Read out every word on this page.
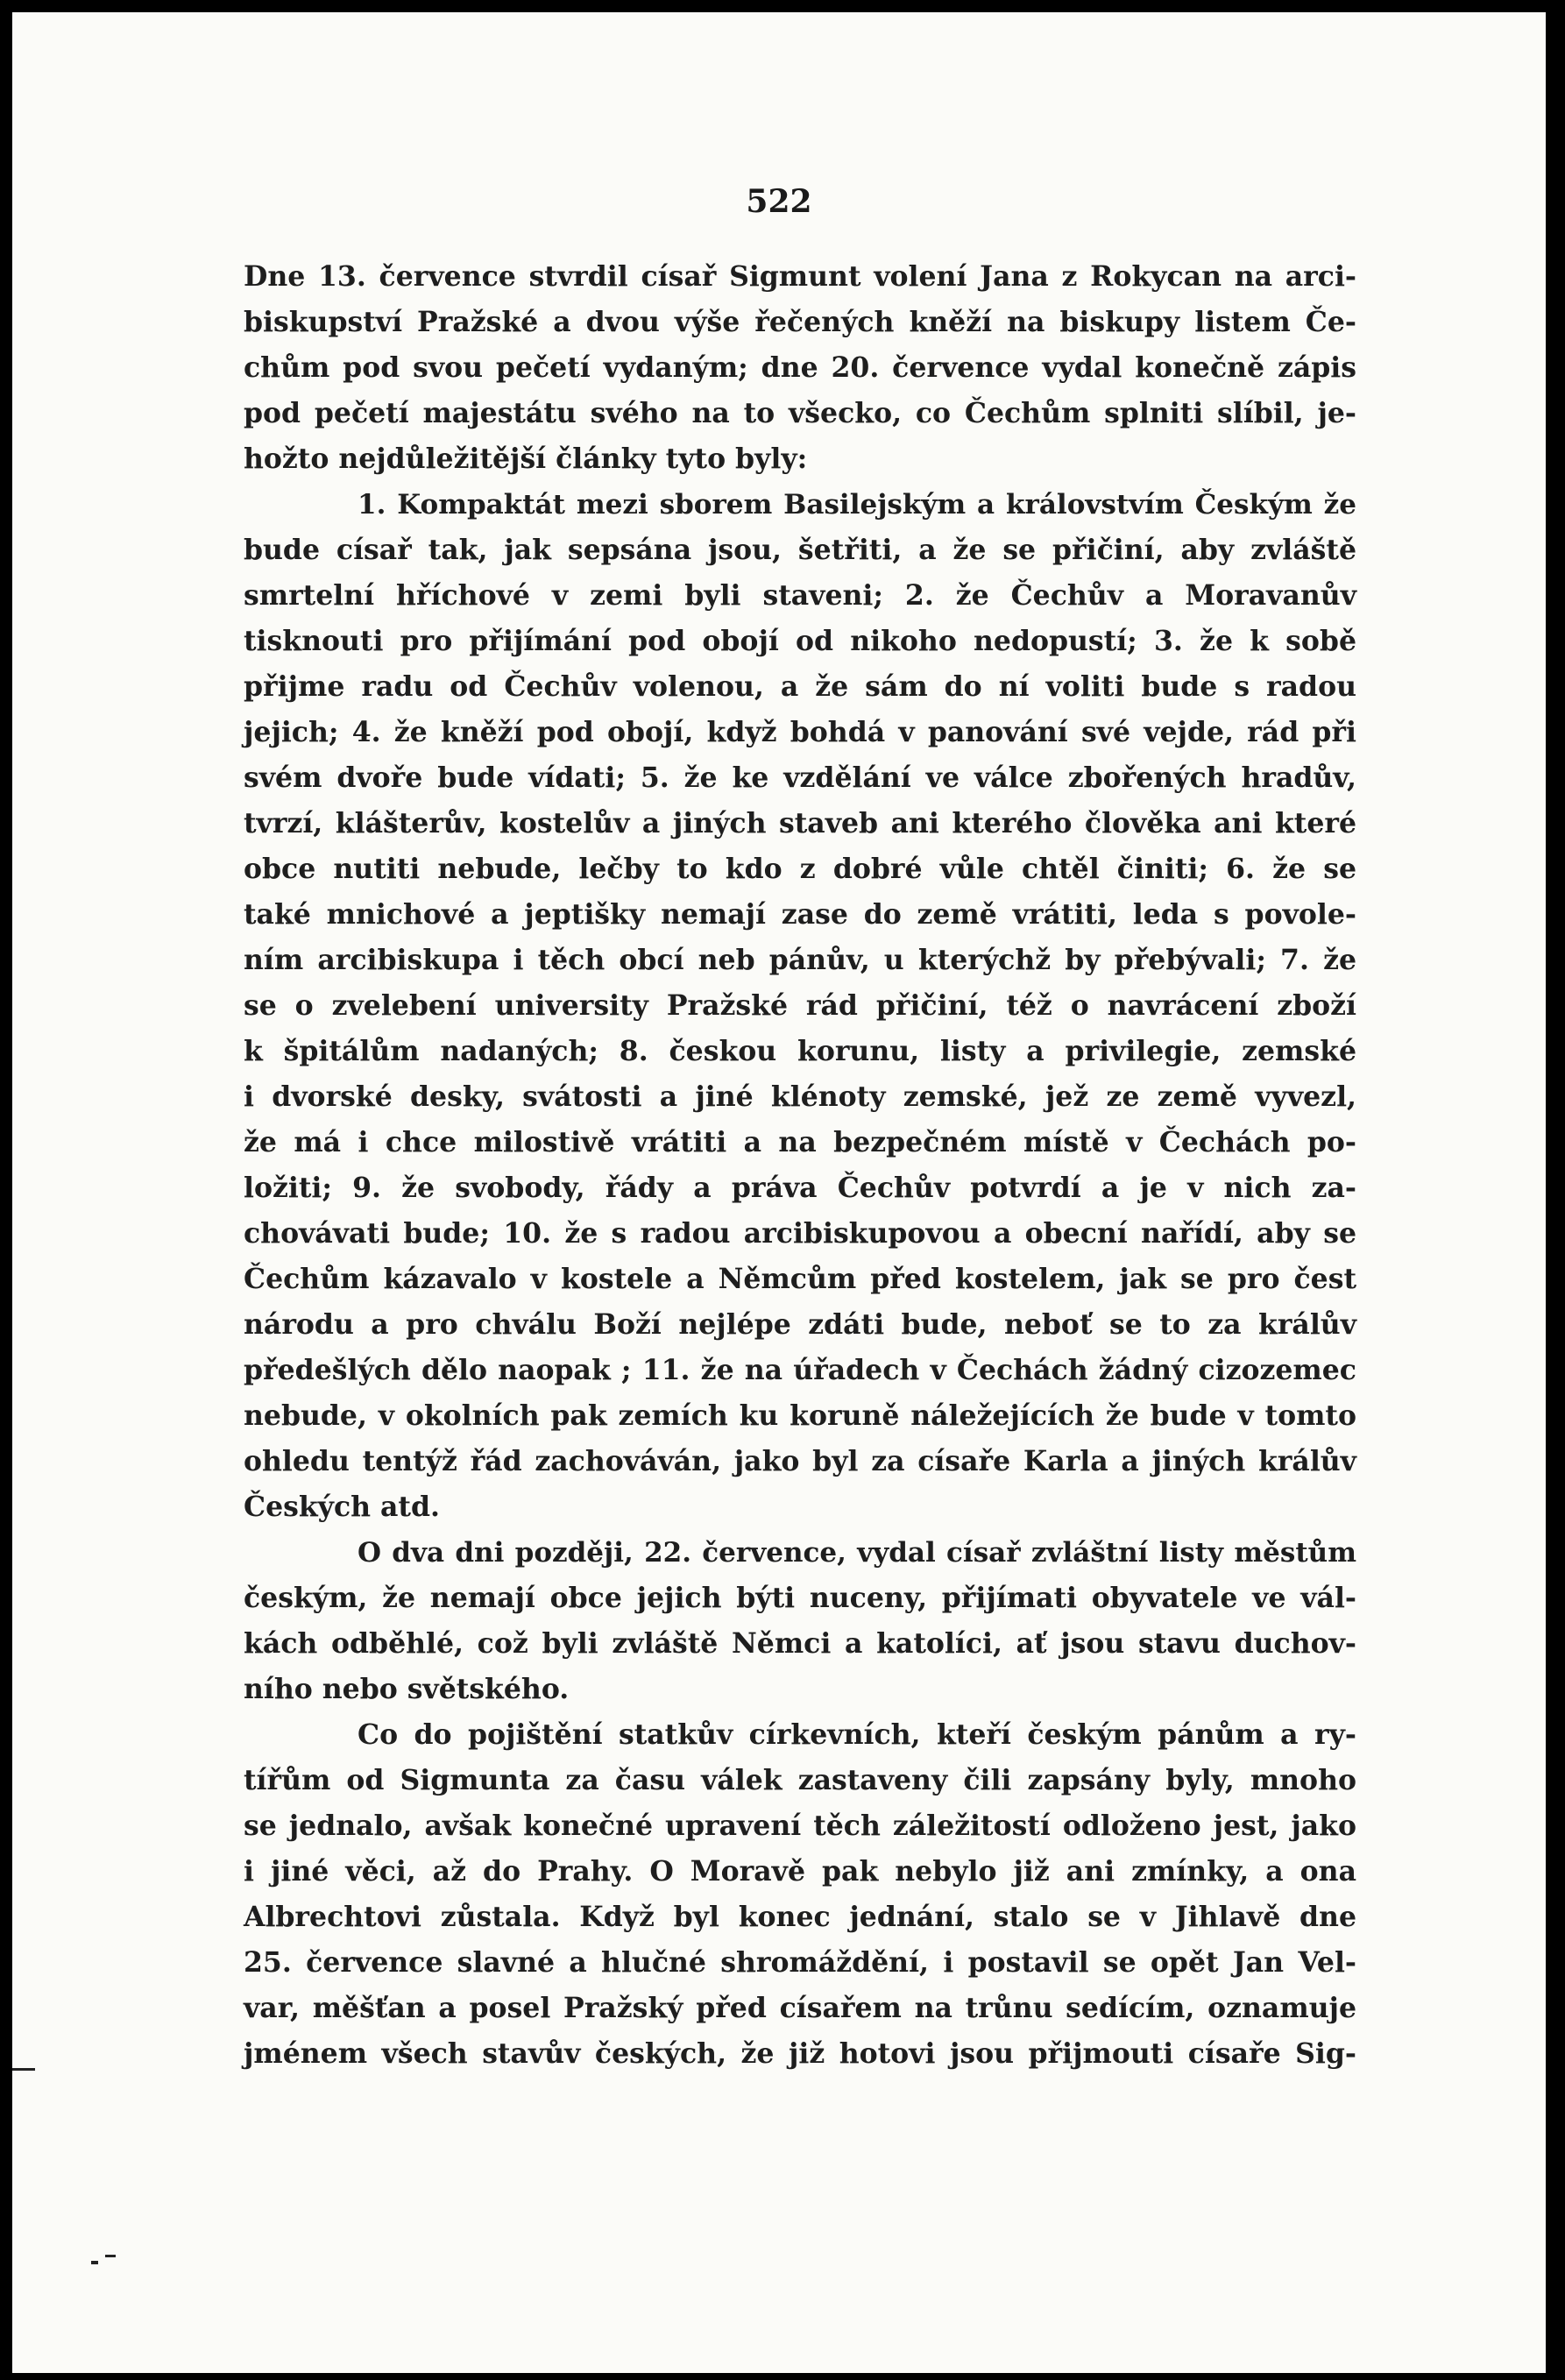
522
Dne 13. července stvrdil císař Sigmunt volení Jana z Rokycan na arci-
biskupství Pražské a dvou výše řečených kněží na biskupy listem Če-
chům pod svou pečetí vydaným; dne 20. července vydal konečně zápis
pod pečetí majestátu svého na to všecko, co Čechům splniti slíbil, je-
hožto nejdůležitější články tyto byly:
1. Kompaktát mezi sborem Basilejským a královstvím Českým že
bude císař tak, jak sepsána jsou, šetřiti, a že se přičiní, aby zvláště
smrtelní hříchové v zemi byli staveni; 2. že Čechův a Moravanův
tisknouti pro přijímání pod obojí od nikoho nedopustí; 3. že k sobě
přijme radu od Čechův volenou, a že sám do ní voliti bude s radou
jejich; 4. že kněží pod obojí, když bohdá v panování své vejde, rád při
svém dvoře bude vídati; 5. že ke vzdělání ve válce zbořených hradův,
tvrzí, klášterův, kostelův a jiných staveb ani kterého člověka ani které
obce nutiti nebude, lečby to kdo z dobré vůle chtěl činiti; 6. že se
také mnichové a jeptišky nemají zase do země vrátiti, leda s povole-
ním arcibiskupa i těch obcí neb pánův, u kterýchž by přebývali; 7. že
se o zvelebení university Pražské rád přičiní, též o navrácení zboží
k špitálům nadaných; 8. českou korunu, listy a privilegie, zemské
i dvorské desky, svátosti a jiné klénoty zemské, jež ze země vyvezl,
že má i chce milostivě vrátiti a na bezpečném místě v Čechách po-
ložiti; 9. že svobody, řády a práva Čechův potvrdí a je v nich za-
chovávati bude; 10. že s radou arcibiskupovou a obecní nařídí, aby se
Čechům kázavalo v kostele a Němcům před kostelem, jak se pro čest
národu a pro chválu Boží nejlépe zdáti bude, neboť se to za králův
předešlých dělo naopak ; 11. že na úřadech v Čechách žádný cizozemec
nebude, v okolních pak zemích ku koruně náležejících že bude v tomto
ohledu tentýž řád zachováván, jako byl za císaře Karla a jiných králův
Českých atd.
O dva dni později, 22. července, vydal císař zvláštní listy městům
českým, že nemají obce jejich býti nuceny, přijímati obyvatele ve vál-
kách odběhlé, což byli zvláště Němci a katolíci, ať jsou stavu duchov-
ního nebo světského.
Co do pojištění statkův církevních, kteří českým pánům a ry-
tířům od Sigmunta za času válek zastaveny čili zapsány byly, mnoho
se jednalo, avšak konečné upravení těch záležitostí odloženo jest, jako
i jiné věci, až do Prahy. O Moravě pak nebylo již ani zmínky, a ona
Albrechtovi zůstala. Když byl konec jednání, stalo se v Jihlavě dne
25. července slavné a hlučné shromáždění, i postavil se opět Jan Vel-
var, měšťan a posel Pražský před císařem na trůnu sedícím, oznamuje
jménem všech stavův českých, že již hotovi jsou přijmouti císaře Sig-
